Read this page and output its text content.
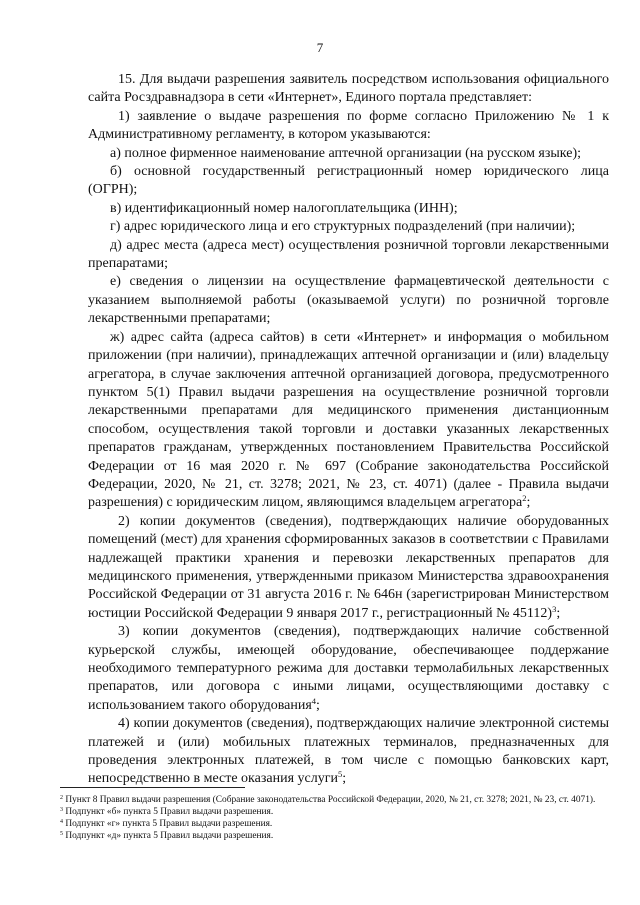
7

15. Для выдачи разрешения заявитель посредством использования официального сайта Росздравнадзора в сети «Интернет», Единого портала представляет:

1) заявление о выдаче разрешения по форме согласно Приложению № 1 к Административному регламенту, в котором указываются:

а) полное фирменное наименование аптечной организации (на русском языке);

б) основной государственный регистрационный номер юридического лица (ОГРН);

в) идентификационный номер налогоплательщика (ИНН);

г) адрес юридического лица и его структурных подразделений (при наличии);

д) адрес места (адреса мест) осуществления розничной торговли лекарственными препаратами;

е) сведения о лицензии на осуществление фармацевтической деятельности с указанием выполняемой работы (оказываемой услуги) по розничной торговле лекарственными препаратами;

ж) адрес сайта (адреса сайтов) в сети «Интернет» и информация о мобильном приложении (при наличии), принадлежащих аптечной организации и (или) владельцу агрегатора, в случае заключения аптечной организацией договора, предусмотренного пунктом 5(1) Правил выдачи разрешения на осуществление розничной торговли лекарственными препаратами для медицинского применения дистанционным способом, осуществления такой торговли и доставки указанных лекарственных препаратов гражданам, утвержденных постановлением Правительства Российской Федерации от 16 мая 2020 г. № 697 (Собрание законодательства Российской Федерации, 2020, № 21, ст. 3278; 2021, № 23, ст. 4071) (далее - Правила выдачи разрешения) с юридическим лицом, являющимся владельцем агрегатора$^2$;

2) копии документов (сведения), подтверждающих наличие оборудованных помещений (мест) для хранения сформированных заказов в соответствии с Правилами надлежащей практики хранения и перевозки лекарственных препаратов для медицинского применения, утвержденными приказом Министерства здравоохранения Российской Федерации от 31 августа 2016 г. № 646н (зарегистрирован Министерством юстиции Российской Федерации 9 января 2017 г., регистрационный № 45112)$^3$;

3) копии документов (сведения), подтверждающих наличие собственной курьерской службы, имеющей оборудование, обеспечивающее поддержание необходимого температурного режима для доставки термолабильных лекарственных препаратов, или договора с иными лицами, осуществляющими доставку с использованием такого оборудования$^4$;

4) копии документов (сведения), подтверждающих наличие электронной системы платежей и (или) мобильных платежных терминалов, предназначенных для проведения электронных платежей, в том числе с помощью банковских карт, непосредственно в месте оказания услуги$^5$;

$^2$ Пункт 8 Правил выдачи разрешения (Собрание законодательства Российской Федерации, 2020, № 21, ст. 3278; 2021, № 23, ст. 4071).

$^3$ Подпункт «б» пункта 5 Правил выдачи разрешения.

$^4$ Подпункт «г» пункта 5 Правил выдачи разрешения.

$^5$ Подпункт «д» пункта 5 Правил выдачи разрешения.
